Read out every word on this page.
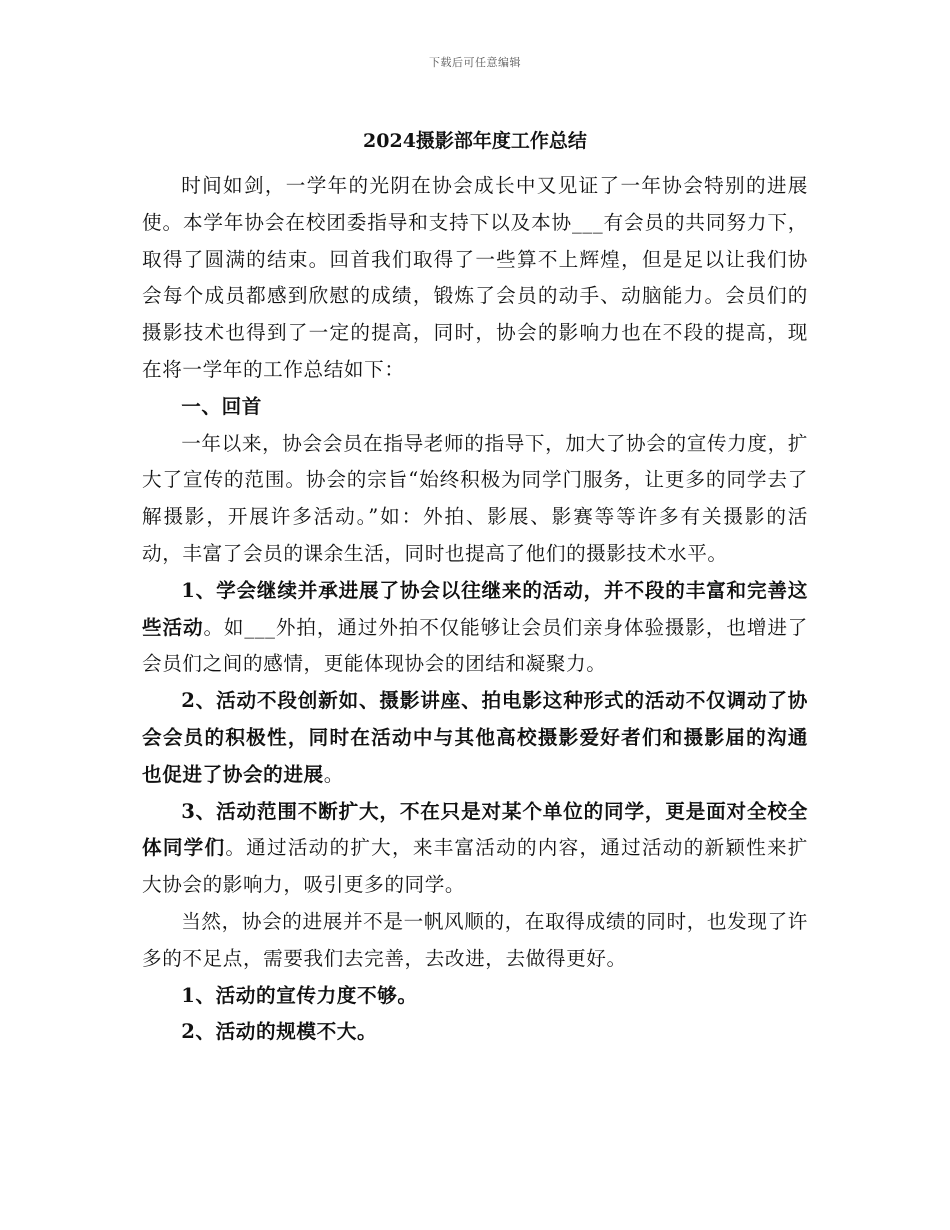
下载后可任意编辑
2024摄影部年度工作总结

时间如剑，一学年的光阴在协会成长中又见证了一年协会特别的进展使。本学年协会在校团委指导和支持下以及本协___有会员的共同努力下，取得了圆满的结束。回首我们取得了一些算不上辉煌，但是足以让我们协会每个成员都感到欣慰的成绩，锻炼了会员的动手、动脑能力。会员们的摄影技术也得到了一定的提高，同时，协会的影响力也在不段的提高，现在将一学年的工作总结如下：

一、回首

一年以来，协会会员在指导老师的指导下，加大了协会的宣传力度，扩大了宣传的范围。协会的宗旨“始终积极为同学门服务，让更多的同学去了解摄影，开展许多活动。”如：外拍、影展、影赛等等许多有关摄影的活动，丰富了会员的课余生活，同时也提高了他们的摄影技术水平。

1、学会继续并承进展了协会以往继来的活动，并不段的丰富和完善这些活动。如___外拍，通过外拍不仅能够让会员们亲身体验摄影，也增进了会员们之间的感情，更能体现协会的团结和凝聚力。

2、活动不段创新如、摄影讲座、拍电影这种形式的活动不仅调动了协会会员的积极性，同时在活动中与其他高校摄影爱好者们和摄影届的沟通也促进了协会的进展。

3、活动范围不断扩大，不在只是对某个单位的同学，更是面对全校全体同学们。通过活动的扩大，来丰富活动的内容，通过活动的新颖性来扩大协会的影响力，吸引更多的同学。

当然，协会的进展并不是一帆风顺的，在取得成绩的同时，也发现了许多的不足点，需要我们去完善，去改进，去做得更好。

1、活动的宣传力度不够。

2、活动的规模不大。
